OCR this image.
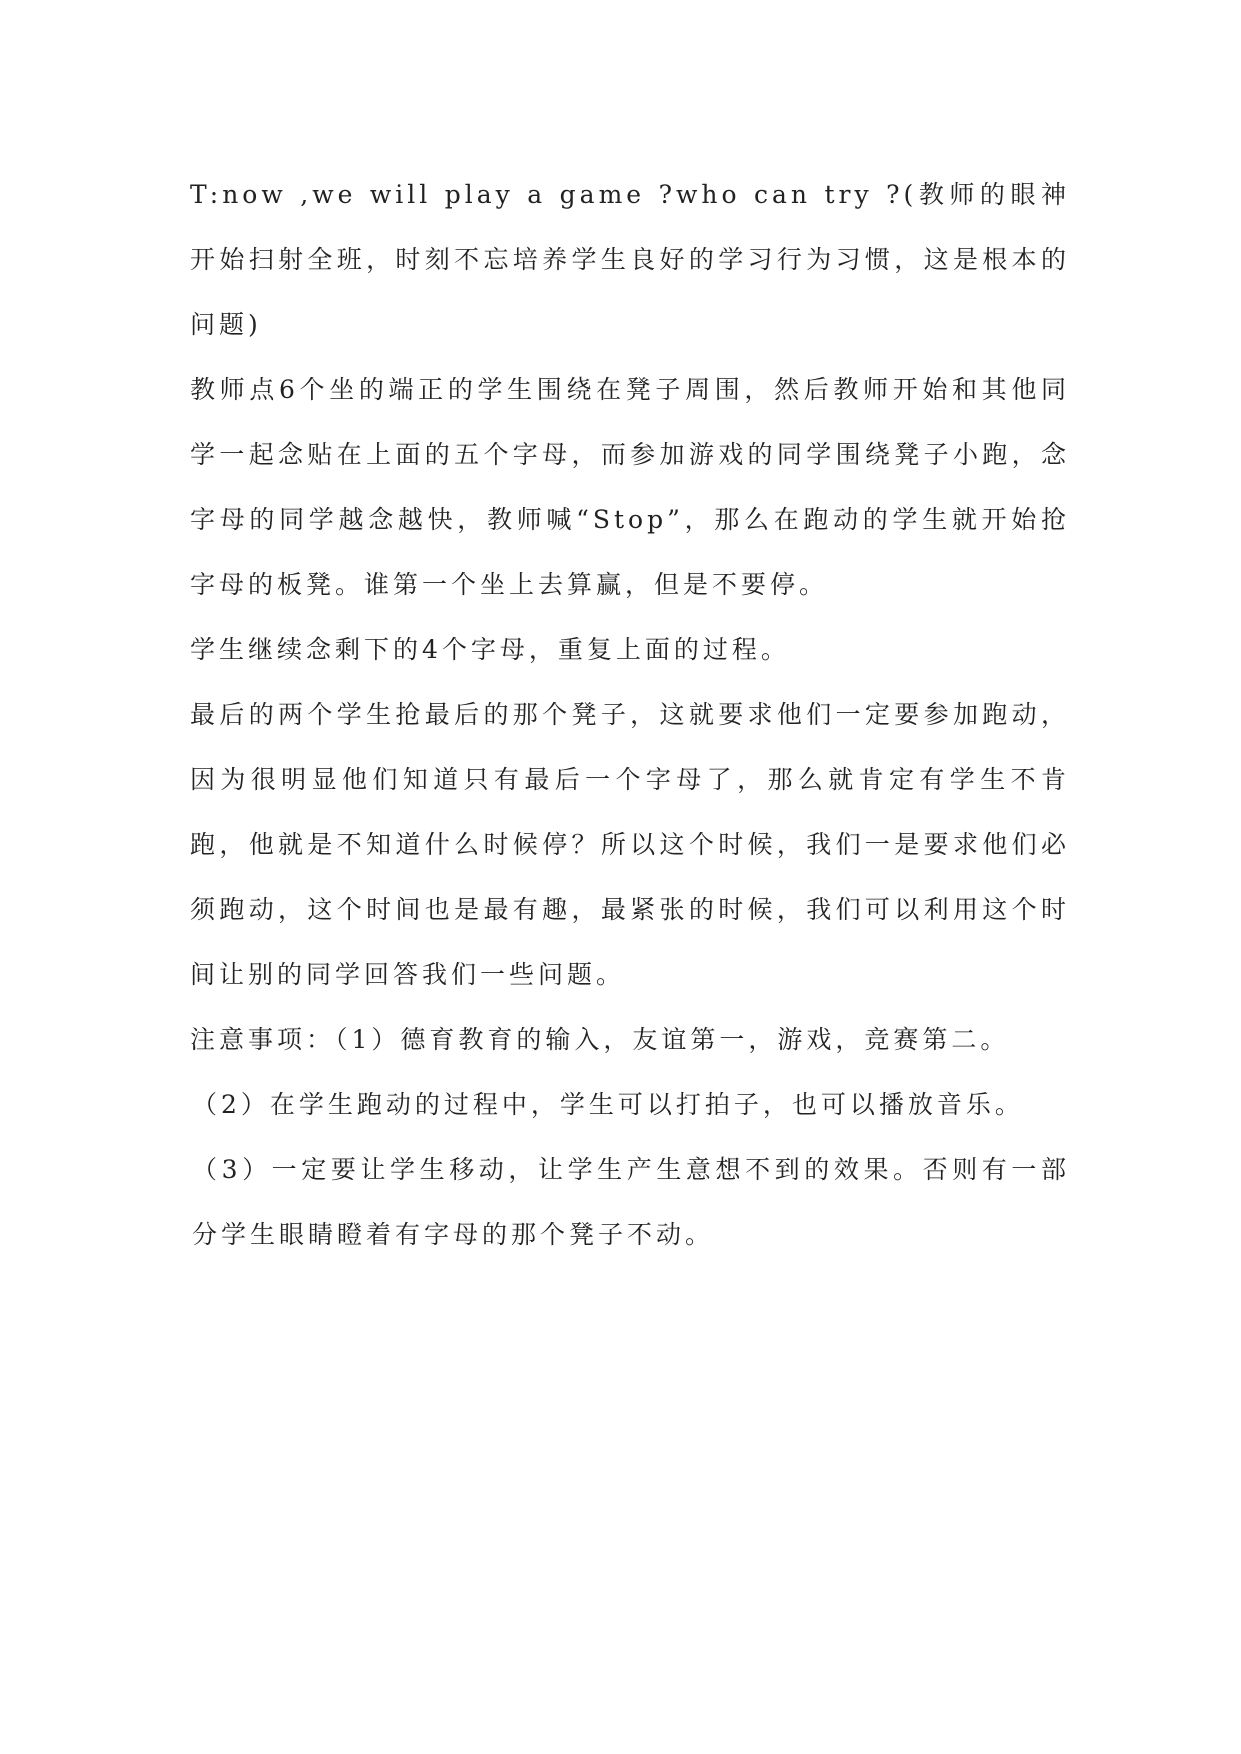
T:now ,we will play a game ?who can try ?(教师的眼神开始扫射全班，时刻不忘培养学生良好的学习行为习惯，这是根本的问题)

教师点6个坐的端正的学生围绕在凳子周围，然后教师开始和其他同学一起念贴在上面的五个字母，而参加游戏的同学围绕凳子小跑，念字母的同学越念越快，教师喊“Stop”，那么在跑动的学生就开始抢字母的板凳。谁第一个坐上去算赢，但是不要停。

学生继续念剩下的4个字母，重复上面的过程。

最后的两个学生抢最后的那个凳子，这就要求他们一定要参加跑动，因为很明显他们知道只有最后一个字母了，那么就肯定有学生不肯跑，他就是不知道什么时候停？所以这个时候，我们一是要求他们必须跑动，这个时间也是最有趣，最紧张的时候，我们可以利用这个时间让别的同学回答我们一些问题。

注意事项：（1）德育教育的输入，友谊第一，游戏，竞赛第二。

（2）在学生跑动的过程中，学生可以打拍子，也可以播放音乐。

（3）一定要让学生移动，让学生产生意想不到的效果。否则有一部分学生眼睛瞪着有字母的那个凳子不动。
